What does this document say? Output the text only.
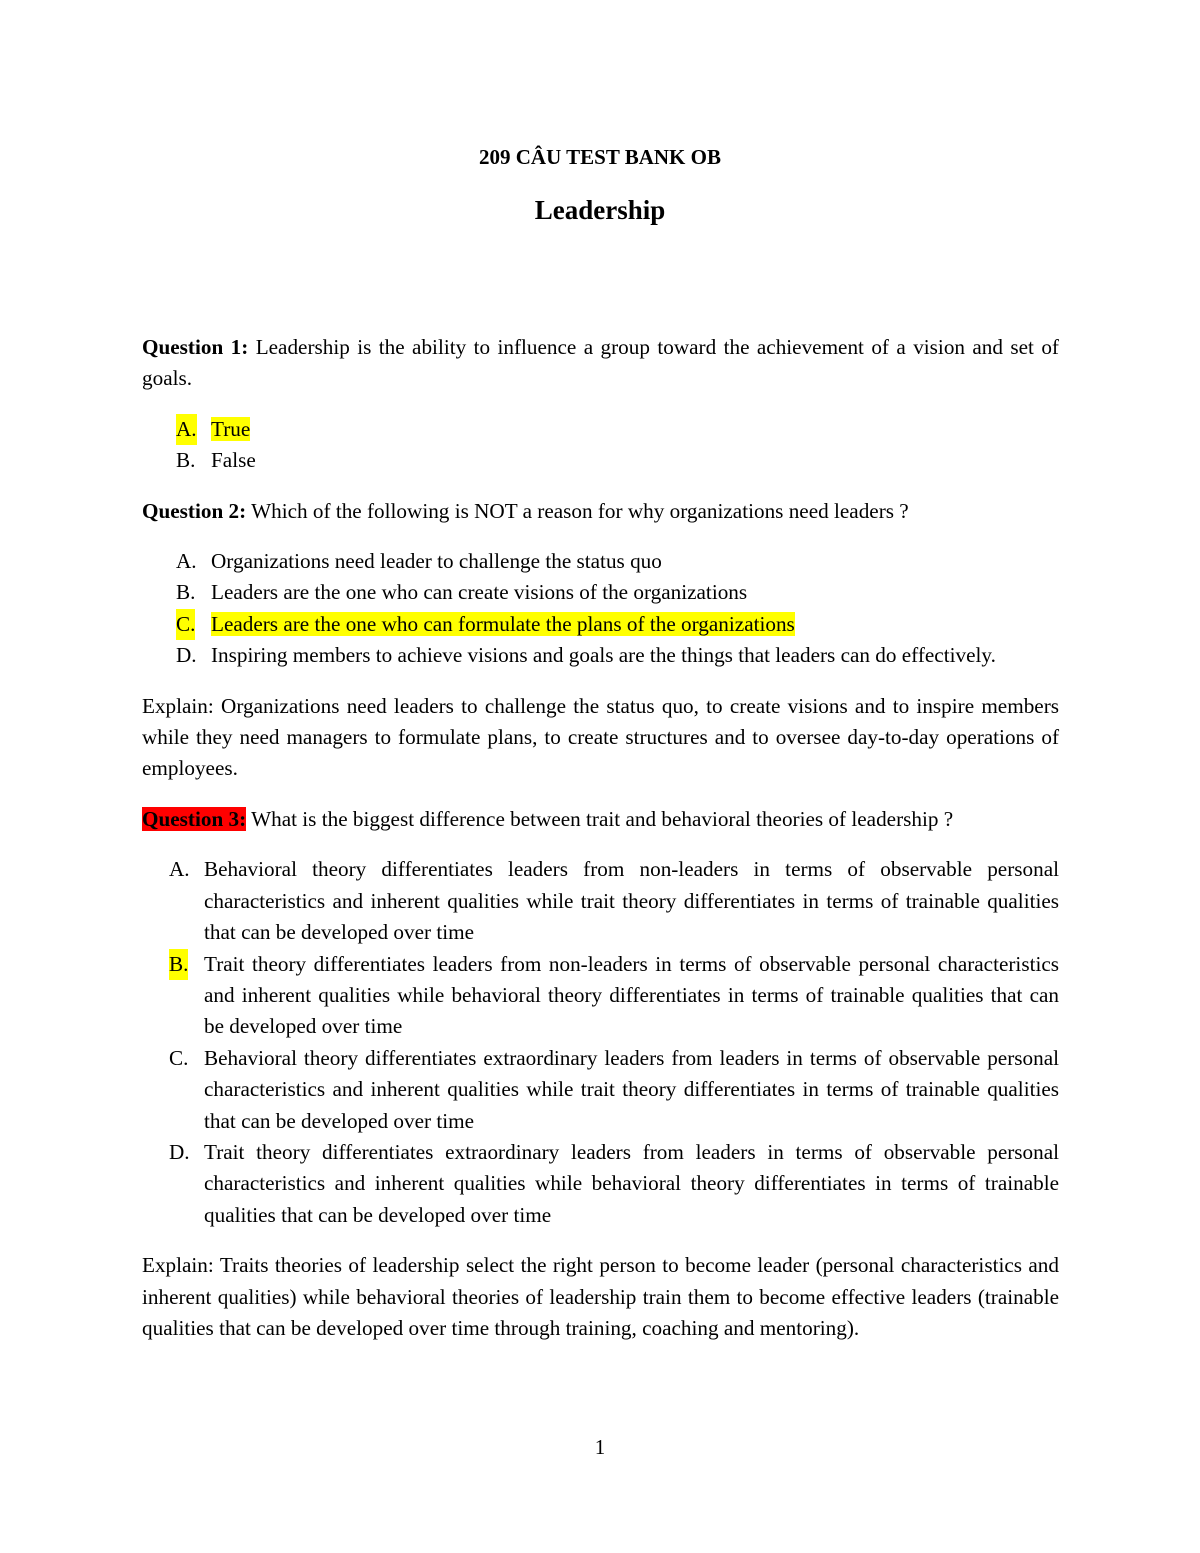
209 CÂU TEST BANK OB
Leadership

Question 1: Leadership is the ability to influence a group toward the achievement of a vision and set of goals.

A. True
B. False

Question 2: Which of the following is NOT a reason for why organizations need leaders ?

A. Organizations need leader to challenge the status quo
B. Leaders are the one who can create visions of the organizations
C. Leaders are the one who can formulate the plans of the organizations
D. Inspiring members to achieve visions and goals are the things that leaders can do effectively.

Explain: Organizations need leaders to challenge the status quo, to create visions and to inspire members while they need managers to formulate plans, to create structures and to oversee day-to-day operations of employees.

Question 3: What is the biggest difference between trait and behavioral theories of leadership ?

A. Behavioral theory differentiates leaders from non-leaders in terms of observable personal characteristics and inherent qualities while trait theory differentiates in terms of trainable qualities that can be developed over time
B. Trait theory differentiates leaders from non-leaders in terms of observable personal characteristics and inherent qualities while behavioral theory differentiates in terms of trainable qualities that can be developed over time
C. Behavioral theory differentiates extraordinary leaders from leaders in terms of observable personal characteristics and inherent qualities while trait theory differentiates in terms of trainable qualities that can be developed over time
D. Trait theory differentiates extraordinary leaders from leaders in terms of observable personal characteristics and inherent qualities while behavioral theory differentiates in terms of trainable qualities that can be developed over time

Explain: Traits theories of leadership select the right person to become leader (personal characteristics and inherent qualities) while behavioral theories of leadership train them to become effective leaders (trainable qualities that can be developed over time through training, coaching and mentoring).

1
